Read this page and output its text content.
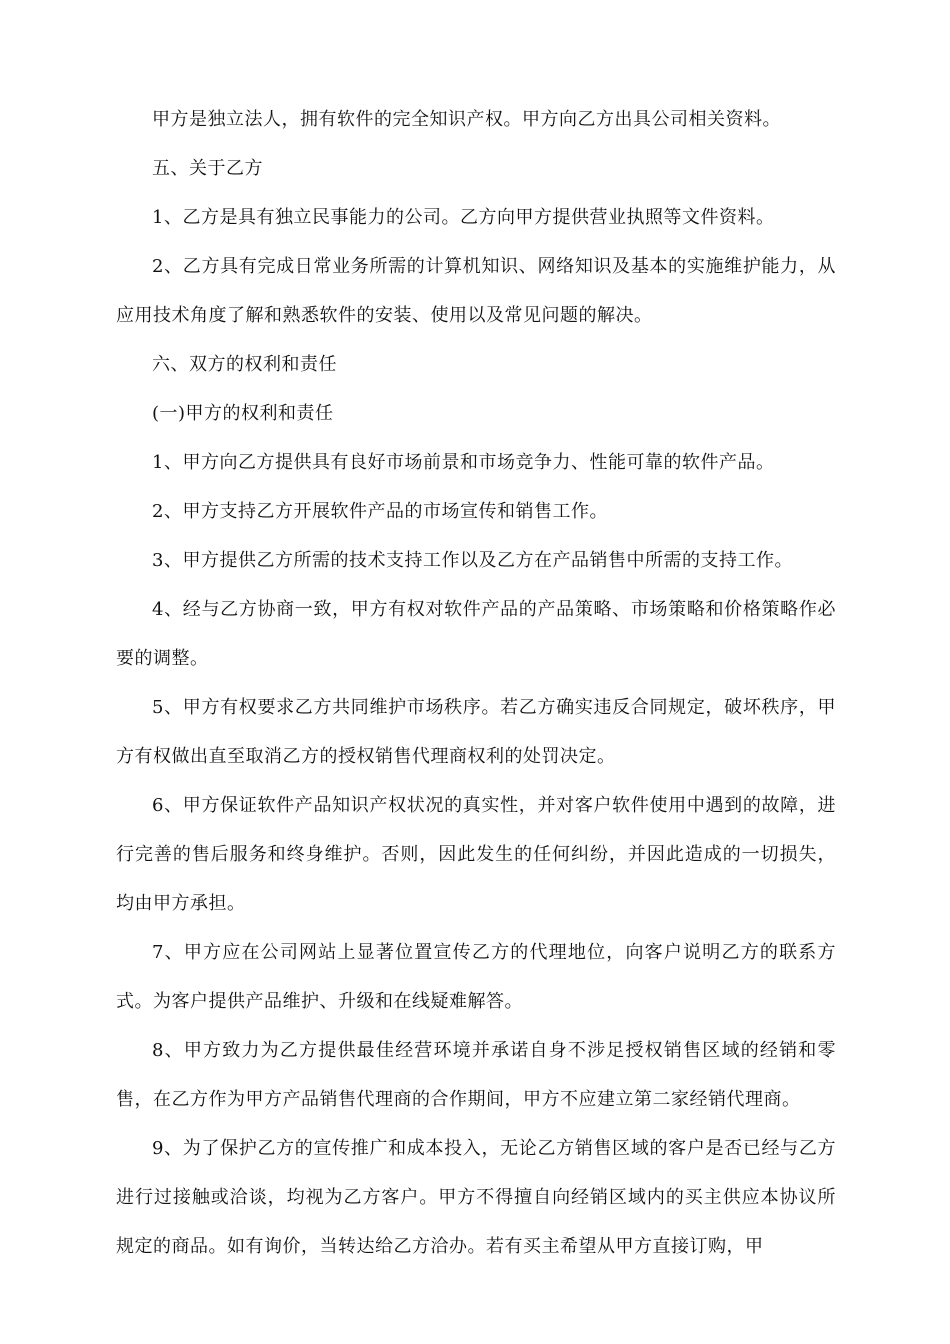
甲方是独立法人，拥有软件的完全知识产权。甲方向乙方出具公司相关资料。

五、关于乙方

1、乙方是具有独立民事能力的公司。乙方向甲方提供营业执照等文件资料。

2、乙方具有完成日常业务所需的计算机知识、网络知识及基本的实施维护能力，从应用技术角度了解和熟悉软件的安装、使用以及常见问题的解决。

六、双方的权利和责任

(一)甲方的权利和责任

1、甲方向乙方提供具有良好市场前景和市场竞争力、性能可靠的软件产品。

2、甲方支持乙方开展软件产品的市场宣传和销售工作。

3、甲方提供乙方所需的技术支持工作以及乙方在产品销售中所需的支持工作。

4、经与乙方协商一致，甲方有权对软件产品的产品策略、市场策略和价格策略作必要的调整。

5、甲方有权要求乙方共同维护市场秩序。若乙方确实违反合同规定，破坏秩序，甲方有权做出直至取消乙方的授权销售代理商权利的处罚决定。

6、甲方保证软件产品知识产权状况的真实性，并对客户软件使用中遇到的故障，进行完善的售后服务和终身维护。否则，因此发生的任何纠纷，并因此造成的一切损失，均由甲方承担。

7、甲方应在公司网站上显著位置宣传乙方的代理地位，向客户说明乙方的联系方式。为客户提供产品维护、升级和在线疑难解答。

8、甲方致力为乙方提供最佳经营环境并承诺自身不涉足授权销售区域的经销和零售，在乙方作为甲方产品销售代理商的合作期间，甲方不应建立第二家经销代理商。

9、为了保护乙方的宣传推广和成本投入，无论乙方销售区域的客户是否已经与乙方进行过接触或洽谈，均视为乙方客户。甲方不得擅自向经销区域内的买主供应本协议所规定的商品。如有询价，当转达给乙方洽办。若有买主希望从甲方直接订购，甲
